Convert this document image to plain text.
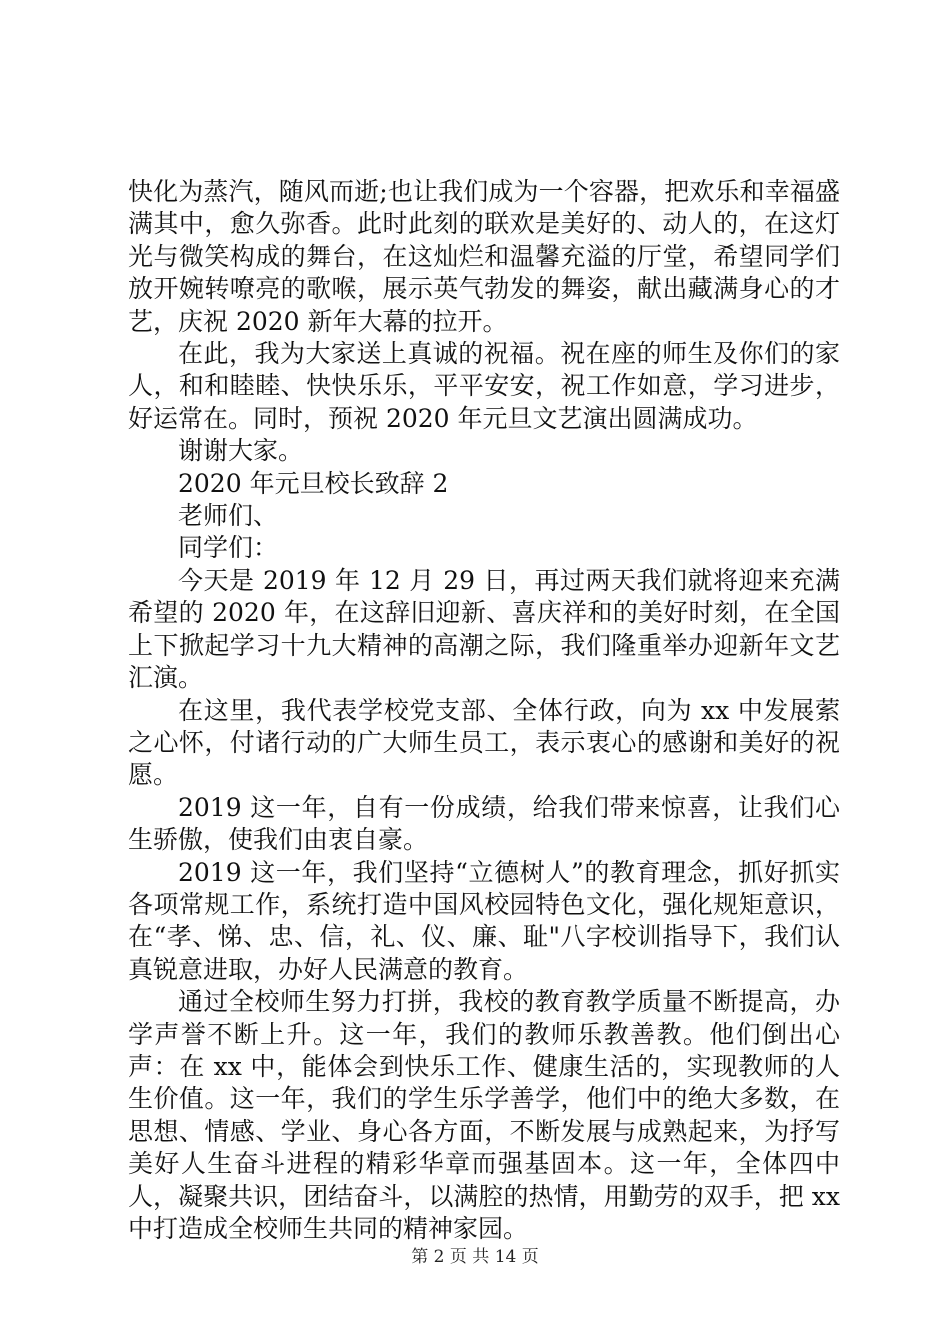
快化为蒸汽，随风而逝;也让我们成为一个容器，把欢乐和幸福盛满其中，愈久弥香。此时此刻的联欢是美好的、动人的，在这灯光与微笑构成的舞台，在这灿烂和温馨充溢的厅堂，希望同学们放开婉转嘹亮的歌喉，展示英气勃发的舞姿，献出藏满身心的才艺，庆祝 2020 新年大幕的拉开。

在此，我为大家送上真诚的祝福。祝在座的师生及你们的家人，和和睦睦、快快乐乐，平平安安，祝工作如意，学习进步，好运常在。同时，预祝 2020 年元旦文艺演出圆满成功。

谢谢大家。

2020 年元旦校长致辞 2

老师们、

同学们：

今天是 2019 年 12 月 29 日，再过两天我们就将迎来充满希望的 2020 年，在这辞旧迎新、喜庆祥和的美好时刻，在全国上下掀起学习十九大精神的高潮之际，我们隆重举办迎新年文艺汇演。

在这里，我代表学校党支部、全体行政，向为 xx 中发展萦之心怀，付诸行动的广大师生员工，表示衷心的感谢和美好的祝愿。

2019 这一年，自有一份成绩，给我们带来惊喜，让我们心生骄傲，使我们由衷自豪。

2019 这一年，我们坚持“立德树人”的教育理念，抓好抓实各项常规工作，系统打造中国风校园特色文化，强化规矩意识，在“孝、悌、忠、信，礼、仪、廉、耻"八字校训指导下，我们认真锐意进取，办好人民满意的教育。

通过全校师生努力打拼，我校的教育教学质量不断提高，办学声誉不断上升。这一年，我们的教师乐教善教。他们倒出心声：在 xx 中，能体会到快乐工作、健康生活的，实现教师的人生价值。这一年，我们的学生乐学善学，他们中的绝大多数，在思想、情感、学业、身心各方面，不断发展与成熟起来，为抒写美好人生奋斗进程的精彩华章而强基固本。这一年，全体四中人，凝聚共识，团结奋斗，以满腔的热情，用勤劳的双手，把 xx 中打造成全校师生共同的精神家园。

第 2 页 共 14 页
